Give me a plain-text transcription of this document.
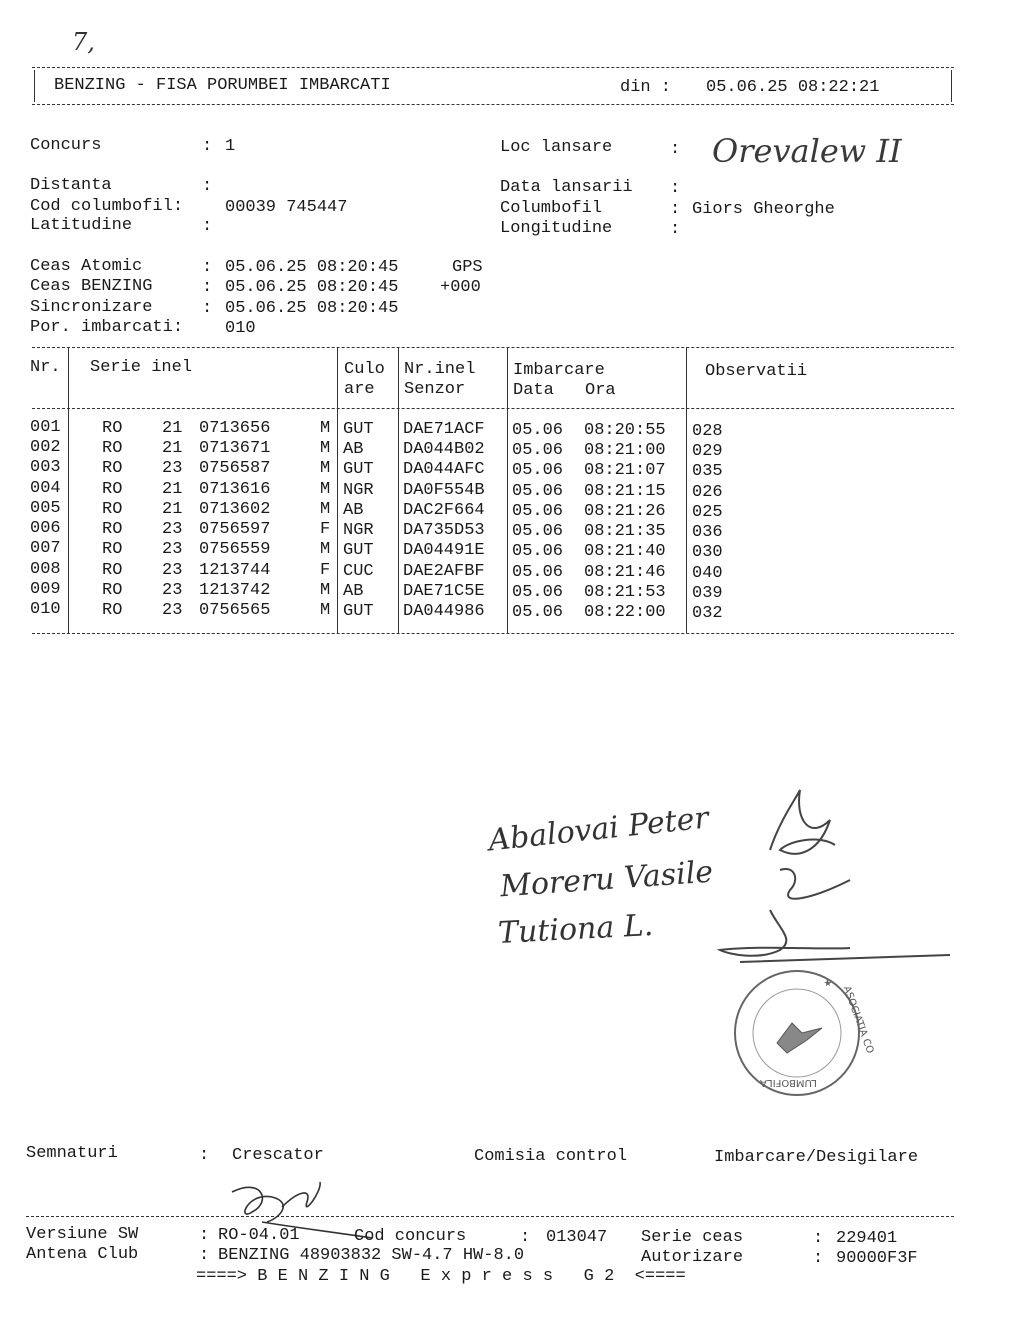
7,
BENZING - FISA PORUMBEI IMBARCATI	din : 05.06.25 08:22:21
Concurs	: 1	Loc lansare	: Orevalew II
Distanta	:	Data lansarii :
Cod columbofil: 00039 745447	Columbofil	: Giors Gheorghe
Latitudine	:	Longitudine	:
Ceas Atomic	: 05.06.25 08:20:45	GPS
Ceas BENZING	: 05.06.25 08:20:45 +000
Sincronizare	: 05.06.25 08:20:45
Por. imbarcati: 010
Nr. Serie inel	Culo
are
Nr.inel
Senzor
Imbarcare
Data Ora
Observatii
001 RO 21 0713656	M GUT DAE71ACF 05.06 08:20:55 028
002 RO 21 0713671	M AB DA044B02 05.06 08:21:00 029
003 RO 23 0756587	M GUT DA044AFC 05.06 08:21:07 035
004 RO 21 0713616	M NGR DA0F554B 05.06 08:21:15 026
005 RO 21 0713602	M AB DAC2F664 05.06 08:21:26 025
006 RO 23 0756597	F NGR DA735D53 05.06 08:21:35 036
007 RO 23 0756559	M GUT DA04491E 05.06 08:21:40 030
008 RO 23 1213744	F CUC DAE2AFBF 05.06 08:21:46 040
009 RO 23 1213742	M AB DAE71C5E 05.06 08:21:53 039
010 RO 23 0756565	M GUT DA044986 05.06 08:22:00 032
Abalovai Peter
Moreru Vasile
Tutiona L.
ASOCIATIA CO
LUMBOFILA
Semnaturi	: Crescator	Comisia control	Imbarcare/Desigilare
Versiune SW	: RO-04.01	Cod concurs	: 013047 Serie ceas	: 229401
Antena Club	: BENZING 48903832 SW-4.7 HW-8.0	Autorizare	: 90000F3F
====> B E N Z I N G   E x p r e s s   G 2  <====
